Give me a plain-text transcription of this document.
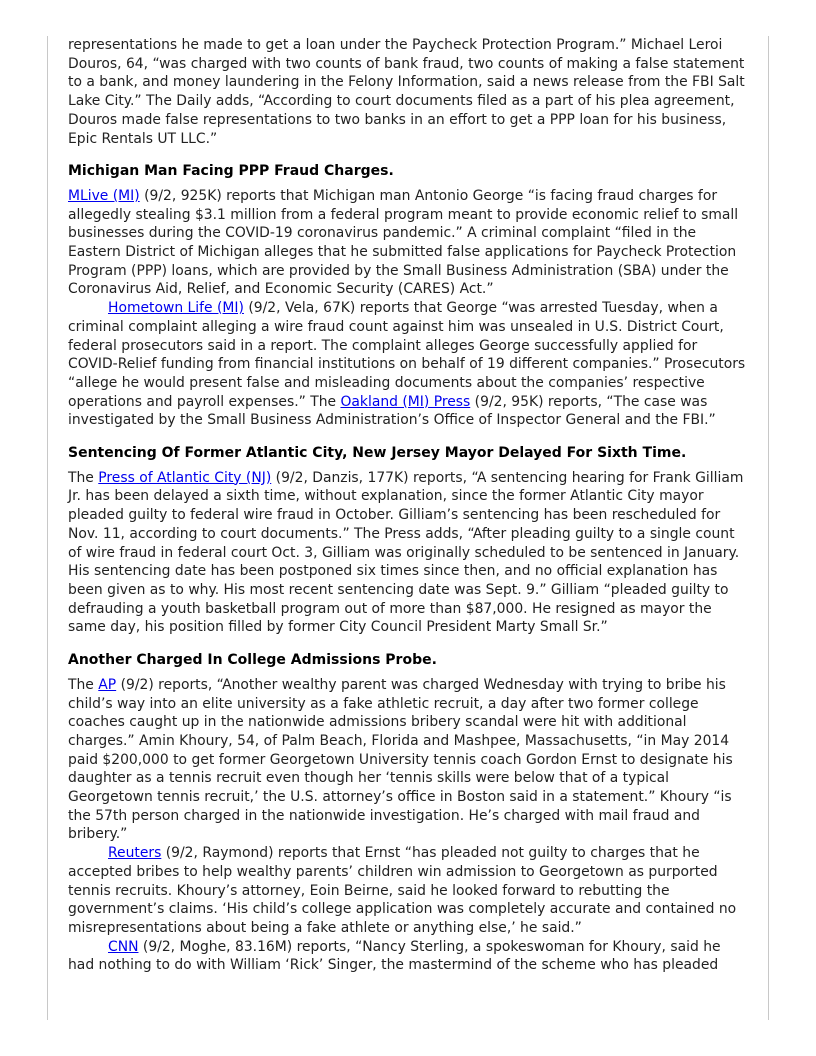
representations he made to get a loan under the Paycheck Protection Program.” Michael Leroi Douros, 64, “was charged with two counts of bank fraud, two counts of making a false statement to a bank, and money laundering in the Felony Information, said a news release from the FBI Salt Lake City.” The Daily adds, “According to court documents filed as a part of his plea agreement, Douros made false representations to two banks in an effort to get a PPP loan for his business, Epic Rentals UT LLC.”

Michigan Man Facing PPP Fraud Charges.

MLive (MI) (9/2, 925K) reports that Michigan man Antonio George “is facing fraud charges for allegedly stealing $3.1 million from a federal program meant to provide economic relief to small businesses during the COVID-19 coronavirus pandemic.” A criminal complaint “filed in the Eastern District of Michigan alleges that he submitted false applications for Paycheck Protection Program (PPP) loans, which are provided by the Small Business Administration (SBA) under the Coronavirus Aid, Relief, and Economic Security (CARES) Act.”

Hometown Life (MI) (9/2, Vela, 67K) reports that George “was arrested Tuesday, when a criminal complaint alleging a wire fraud count against him was unsealed in U.S. District Court, federal prosecutors said in a report. The complaint alleges George successfully applied for COVID-Relief funding from financial institutions on behalf of 19 different companies.” Prosecutors “allege he would present false and misleading documents about the companies’ respective operations and payroll expenses.” The Oakland (MI) Press (9/2, 95K) reports, “The case was investigated by the Small Business Administration’s Office of Inspector General and the FBI.”

Sentencing Of Former Atlantic City, New Jersey Mayor Delayed For Sixth Time.

The Press of Atlantic City (NJ) (9/2, Danzis, 177K) reports, “A sentencing hearing for Frank Gilliam Jr. has been delayed a sixth time, without explanation, since the former Atlantic City mayor pleaded guilty to federal wire fraud in October. Gilliam’s sentencing has been rescheduled for Nov. 11, according to court documents.” The Press adds, “After pleading guilty to a single count of wire fraud in federal court Oct. 3, Gilliam was originally scheduled to be sentenced in January. His sentencing date has been postponed six times since then, and no official explanation has been given as to why. His most recent sentencing date was Sept. 9.” Gilliam “pleaded guilty to defrauding a youth basketball program out of more than $87,000. He resigned as mayor the same day, his position filled by former City Council President Marty Small Sr.”

Another Charged In College Admissions Probe.

The AP (9/2) reports, “Another wealthy parent was charged Wednesday with trying to bribe his child’s way into an elite university as a fake athletic recruit, a day after two former college coaches caught up in the nationwide admissions bribery scandal were hit with additional charges.” Amin Khoury, 54, of Palm Beach, Florida and Mashpee, Massachusetts, “in May 2014 paid $200,000 to get former Georgetown University tennis coach Gordon Ernst to designate his daughter as a tennis recruit even though her ‘tennis skills were below that of a typical Georgetown tennis recruit,’ the U.S. attorney’s office in Boston said in a statement.” Khoury “is the 57th person charged in the nationwide investigation. He’s charged with mail fraud and bribery.”

Reuters (9/2, Raymond) reports that Ernst “has pleaded not guilty to charges that he accepted bribes to help wealthy parents’ children win admission to Georgetown as purported tennis recruits. Khoury’s attorney, Eoin Beirne, said he looked forward to rebutting the government’s claims. ‘His child’s college application was completely accurate and contained no misrepresentations about being a fake athlete or anything else,’ he said.”

CNN (9/2, Moghe, 83.16M) reports, “Nancy Sterling, a spokeswoman for Khoury, said he had nothing to do with William ‘Rick’ Singer, the mastermind of the scheme who has pleaded
